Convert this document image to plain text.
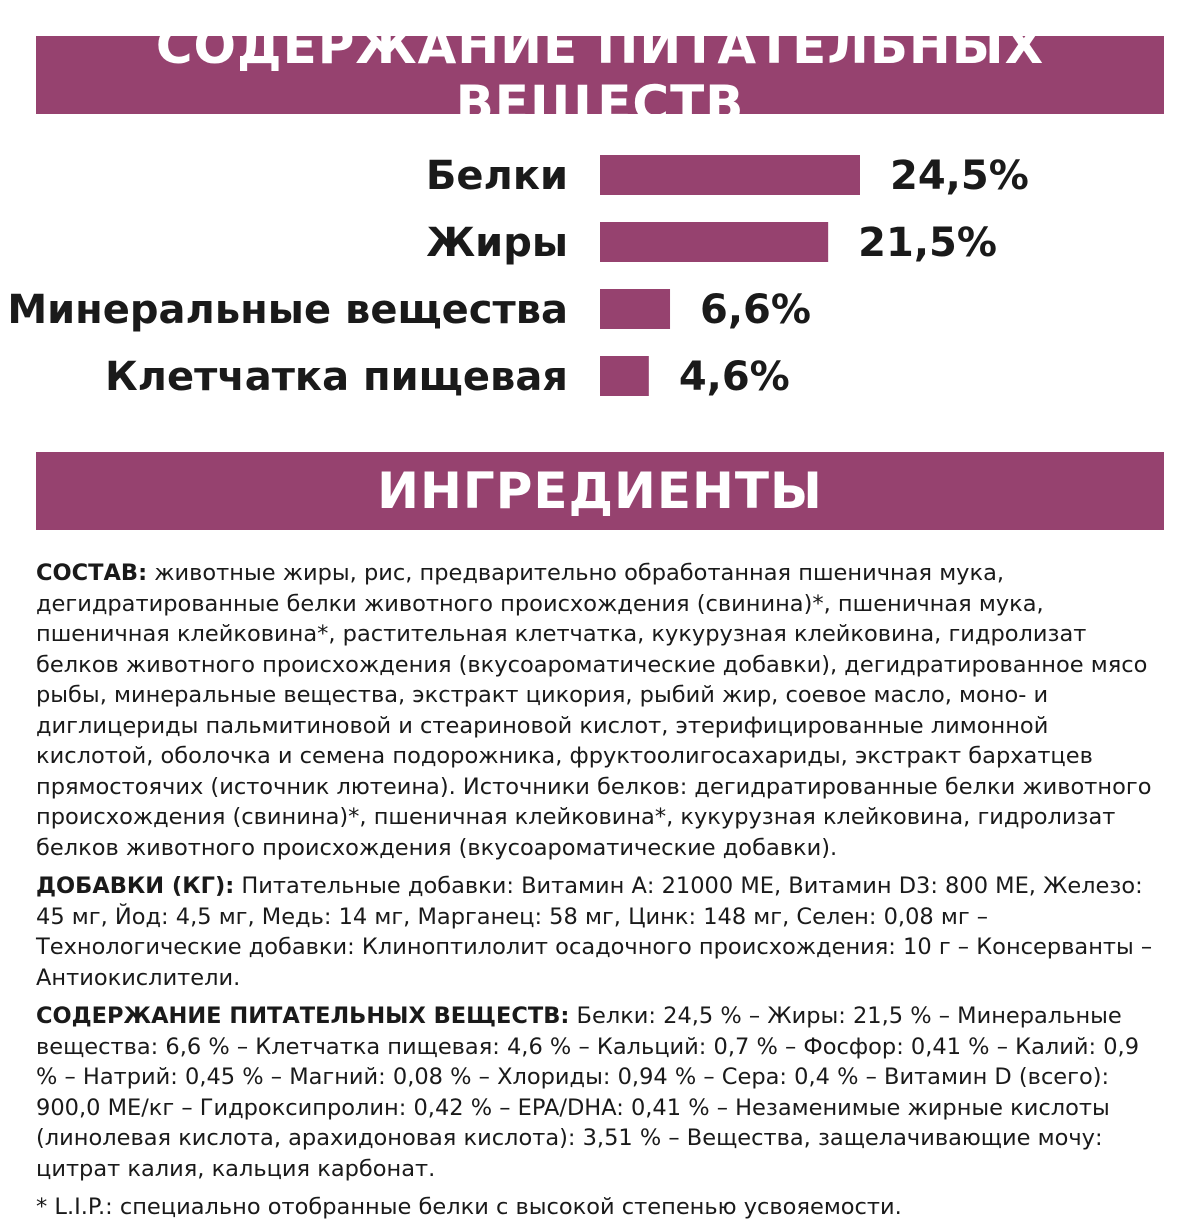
СОДЕРЖАНИЕ ПИТАТЕЛЬНЫХ ВЕЩЕСТВ
Белки	24,5%
Жиры	21,5%
Минеральные вещества	6,6%
Клетчатка пищевая	4,6%
ИНГРЕДИЕНТЫ

СОСТАВ: животные жиры, рис, предварительно обработанная пшеничная мука, дегидратированные белки животного происхождения (свинина)*, пшеничная мука, пшеничная клейковина*, растительная клетчатка, кукурузная клейковина, гидролизат белков животного происхождения (вкусоароматические добавки), дегидратированное мясо рыбы, минеральные вещества, экстракт цикория, рыбий жир, соевое масло, моно- и диглицериды пальмитиновой и стеариновой кислот, этерифицированные лимонной кислотой, оболочка и семена подорожника, фруктоолигосахариды, экстракт бархатцев прямостоячих (источник лютеина). Источники белков: дегидратированные белки животного происхождения (свинина)*, пшеничная клейковина*, кукурузная клейковина, гидролизат белков животного происхождения (вкусоароматические добавки).

ДОБАВКИ (КГ): Питательные добавки: Витамин А: 21000 МЕ, Витамин D3: 800 МЕ, Железо: 45 мг, Йод: 4,5 мг, Медь: 14 мг, Марганец: 58 мг, Цинк: 148 мг, Селен: 0,08 мг – Технологические добавки: Клиноптилолит осадочного происхождения: 10 г – Консерванты – Антиокислители.

СОДЕРЖАНИЕ ПИТАТЕЛЬНЫХ ВЕЩЕСТВ: Белки: 24,5 % – Жиры: 21,5 % – Минеральные вещества: 6,6 % – Клетчатка пищевая: 4,6 % – Кальций: 0,7 % – Фосфор: 0,41 % – Калий: 0,9 % – Натрий: 0,45 % – Магний: 0,08 % – Хлориды: 0,94 % – Сера: 0,4 % – Витамин D (всего): 900,0 МЕ/кг – Гидроксипролин: 0,42 % – EPA/DHA: 0,41 % – Незаменимые жирные кислоты (линолевая кислота, арахидоновая кислота): 3,51 % – Вещества, защелачивающие мочу: цитрат калия, кальция карбонат.

* L.I.P.: специально отобранные белки с высокой степенью усвояемости.
